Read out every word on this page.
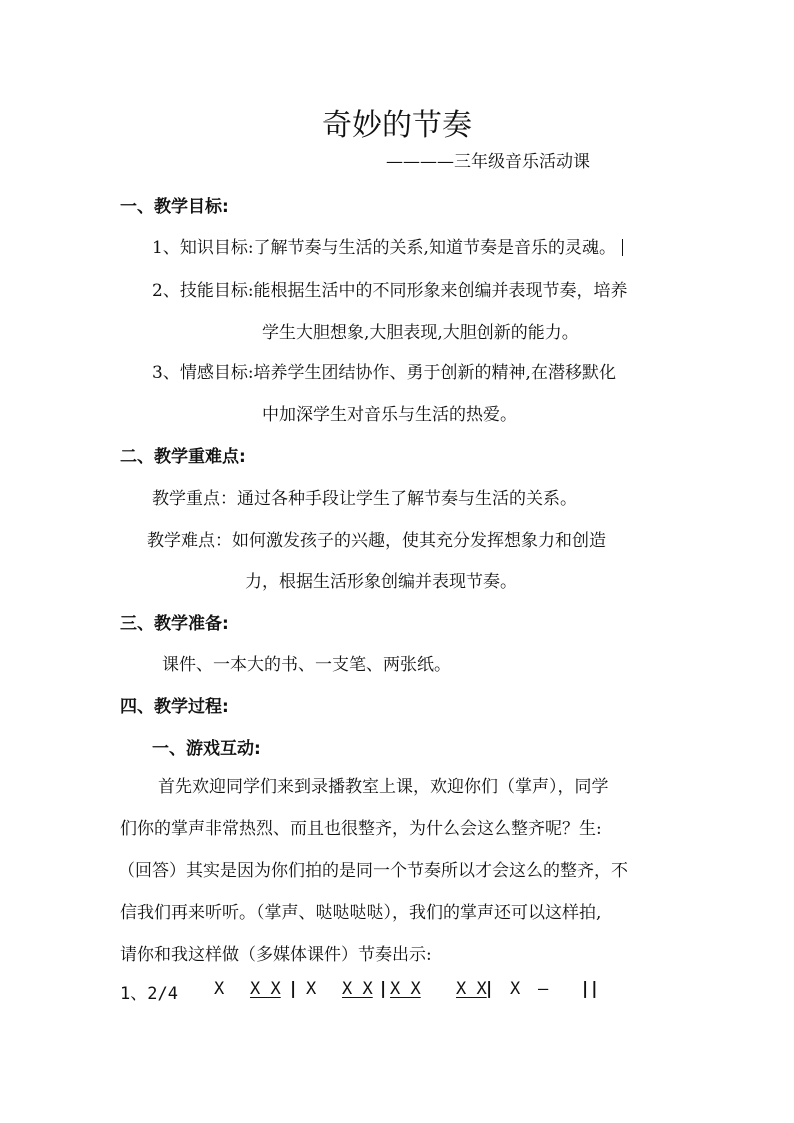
奇妙的节奏
————三年级音乐活动课
一、教学目标:
1、知识目标:了解节奏与生活的关系,知道节奏是音乐的灵魂。
2、技能目标:能根据生活中的不同形象来创编并表现节奏，培养
学生大胆想象,大胆表现,大胆创新的能力。
3、情感目标:培养学生团结协作、勇于创新的精神,在潜移默化
中加深学生对音乐与生活的热爱。
二、教学重难点:
教学重点：通过各种手段让学生了解节奏与生活的关系。
教学难点：如何激发孩子的兴趣，使其充分发挥想象力和创造
力，根据生活形象创编并表现节奏。
三、教学准备:
课件、一本大的书、一支笔、两张纸。
四、教学过程:
一、游戏互动:
首先欢迎同学们来到录播教室上课，欢迎你们（掌声），同学
们你的掌声非常热烈、而且也很整齐，为什么会这么整齐呢？生:
（回答）其实是因为你们拍的是同一个节奏所以才会这么的整齐，不
信我们再来听听。（掌声、哒哒哒哒），我们的掌声还可以这样拍,
请你和我这样做（多媒体课件）节奏出示:
1、2/4 X X X | X X X | X X X X
| X — ||
